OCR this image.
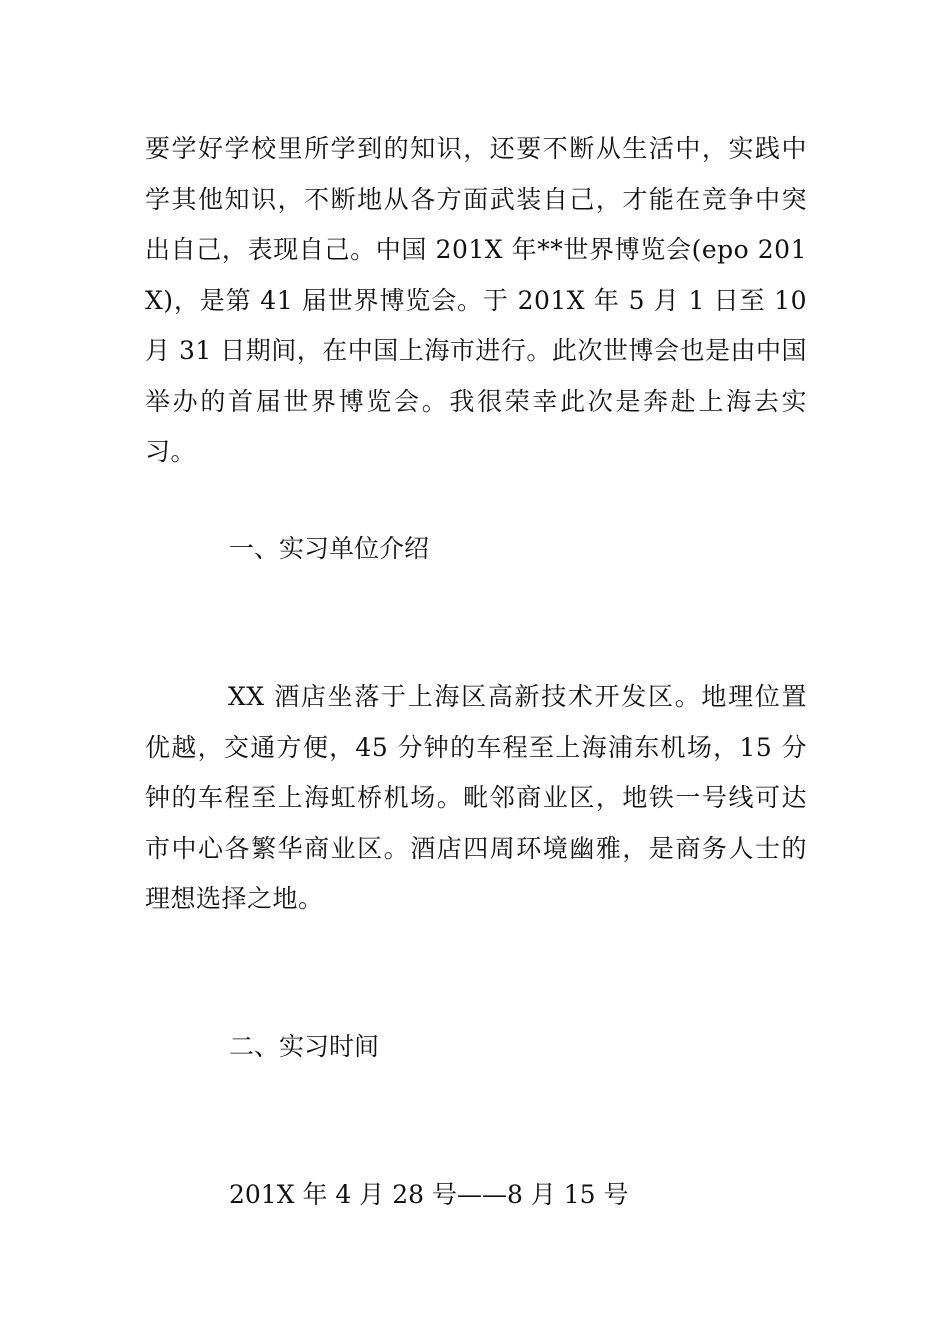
要学好学校里所学到的知识，还要不断从生活中，实践中学其他知识，不断地从各方面武装自己，才能在竞争中突出自己，表现自己。中国 201X 年**世界博览会(epo 201X)，是第 41 届世界博览会。于 201X 年 5 月 1 日至 10 月 31 日期间，在中国上海市进行。此次世博会也是由中国举办的首届世界博览会。我很荣幸此次是奔赴上海去实习。

一、实习单位介绍

XX 酒店坐落于上海区高新技术开发区。地理位置优越，交通方便，45 分钟的车程至上海浦东机场，15 分钟的车程至上海虹桥机场。毗邻商业区，地铁一号线可达市中心各繁华商业区。酒店四周环境幽雅，是商务人士的理想选择之地。

二、实习时间

201X 年 4 月 28 号——8 月 15 号
